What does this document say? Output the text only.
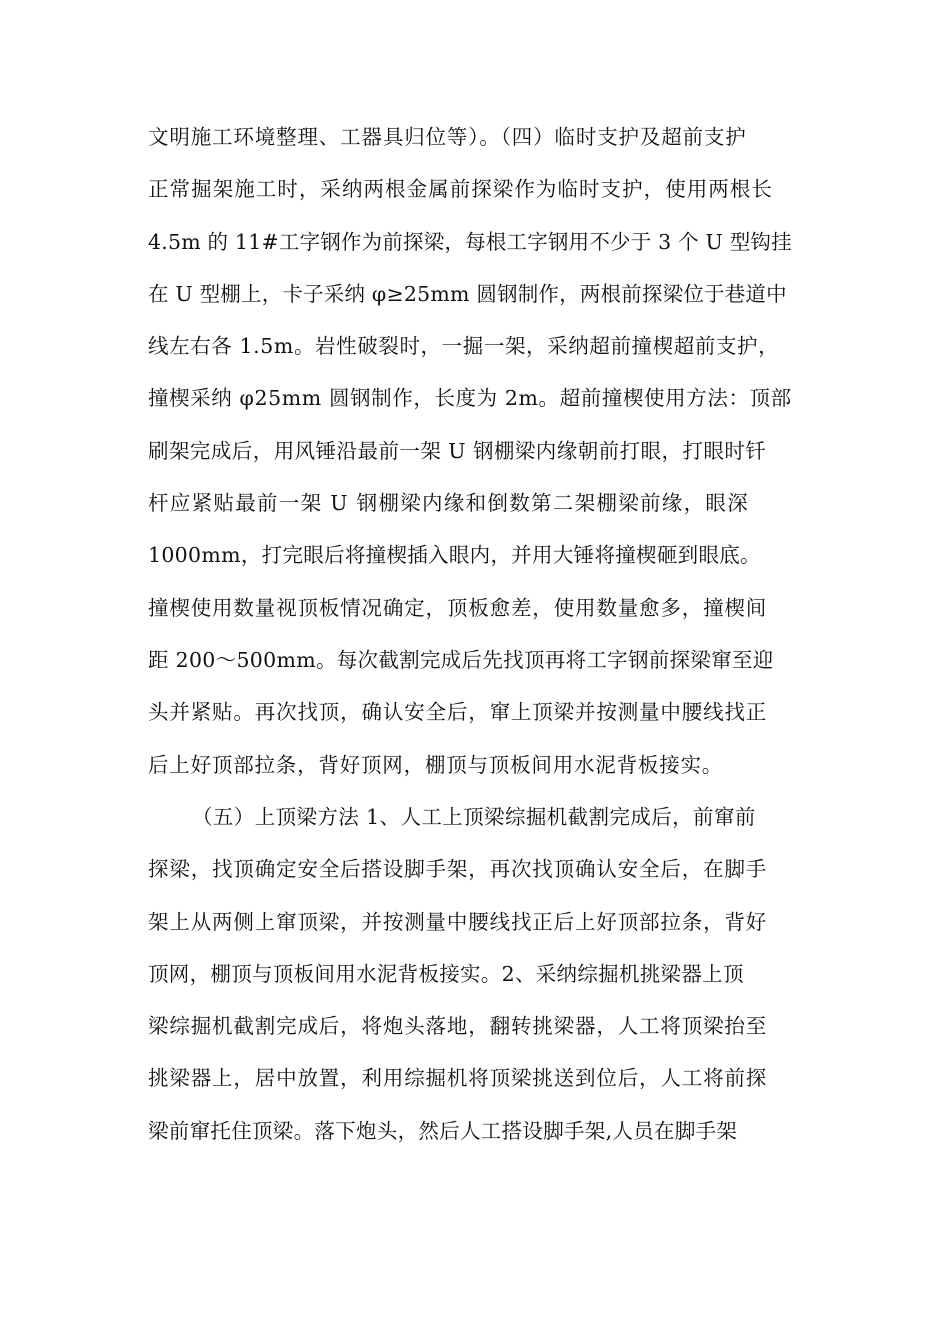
文明施工环境整理、工器具归位等）。（四）临时支护及超前支护
正常掘架施工时，采纳两根金属前探梁作为临时支护，使用两根长
4.5m 的 11#工字钢作为前探梁，每根工字钢用不少于 3 个 U 型钩挂
在 U 型棚上，卡子采纳 φ≥25mm 圆钢制作，两根前探梁位于巷道中
线左右各 1.5m。岩性破裂时，一掘一架，采纳超前撞楔超前支护，
撞楔采纳 φ25mm 圆钢制作，长度为 2m。超前撞楔使用方法：顶部
刷架完成后，用风锤沿最前一架 U 钢棚梁内缘朝前打眼，打眼时钎
杆应紧贴最前一架 U 钢棚梁内缘和倒数第二架棚梁前缘，眼深
1000mm，打完眼后将撞楔插入眼内，并用大锤将撞楔砸到眼底。
撞楔使用数量视顶板情况确定，顶板愈差，使用数量愈多，撞楔间
距 200～500mm。每次截割完成后先找顶再将工字钢前探梁窜至迎
头并紧贴。再次找顶，确认安全后，窜上顶梁并按测量中腰线找正
后上好顶部拉条，背好顶网，棚顶与顶板间用水泥背板接实。
（五）上顶梁方法 1、人工上顶梁综掘机截割完成后，前窜前
探梁，找顶确定安全后搭设脚手架，再次找顶确认安全后，在脚手
架上从两侧上窜顶梁，并按测量中腰线找正后上好顶部拉条，背好
顶网，棚顶与顶板间用水泥背板接实。2、采纳综掘机挑梁器上顶
梁综掘机截割完成后，将炮头落地，翻转挑梁器，人工将顶梁抬至
挑梁器上，居中放置，利用综掘机将顶梁挑送到位后，人工将前探
梁前窜托住顶梁。落下炮头，然后人工搭设脚手架,人员在脚手架
